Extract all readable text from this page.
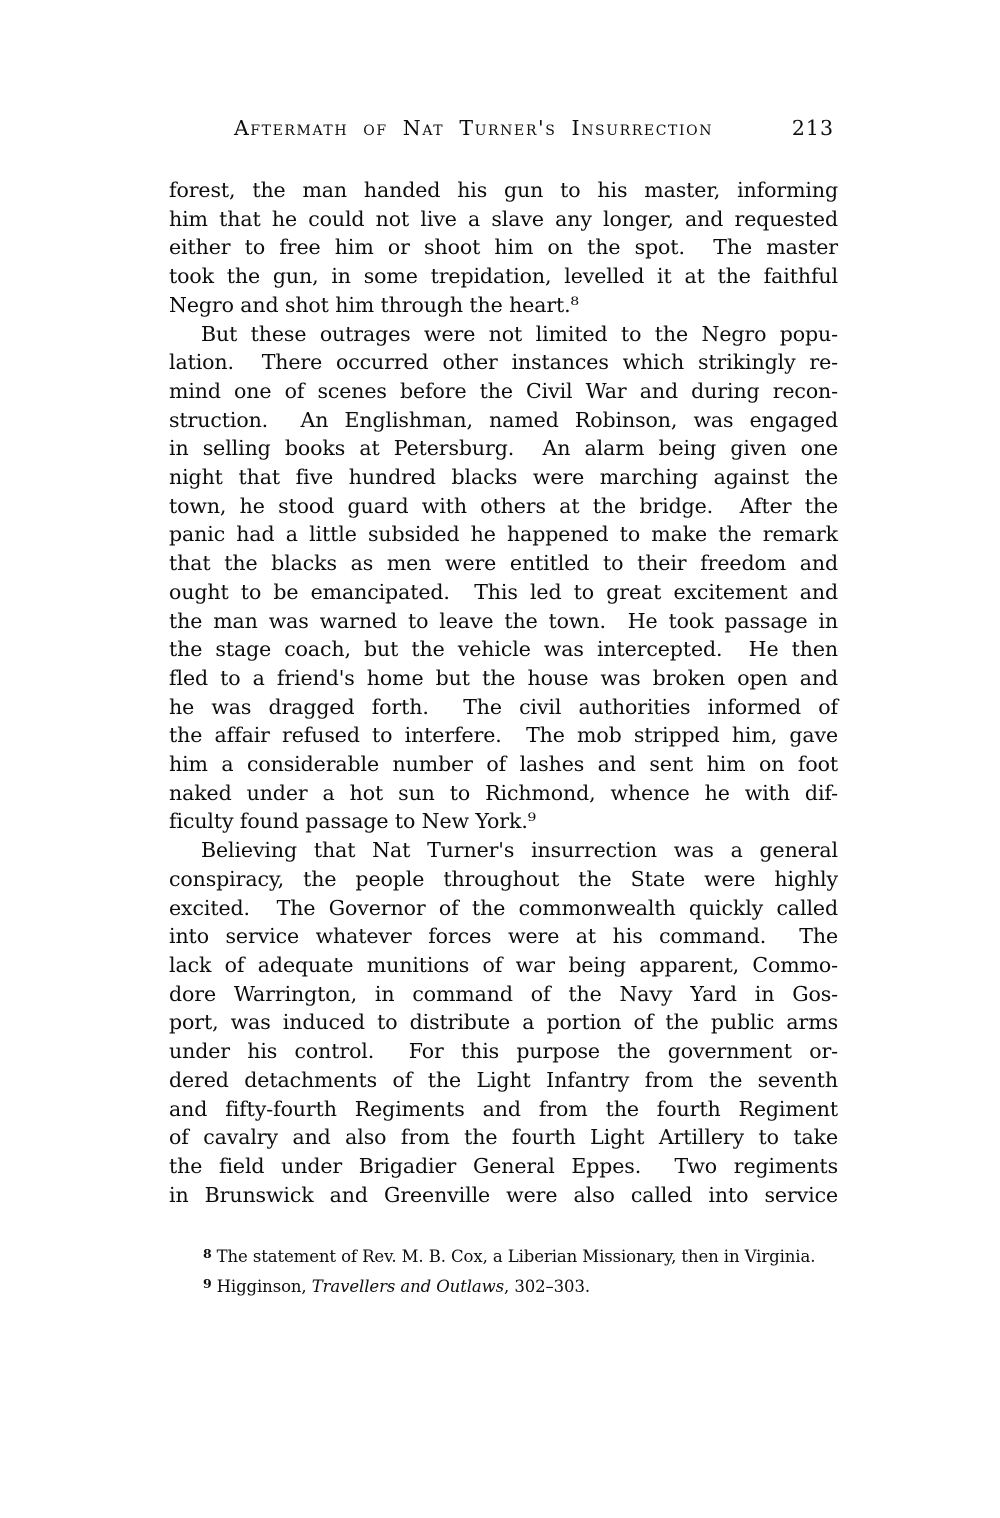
Aftermath of Nat Turner's Insurrection	213
forest, the man handed his gun to his master, informing
him that he could not live a slave any longer, and requested
either to free him or shoot him on the spot.  The master
took the gun, in some trepidation, levelled it at the faithful
Negro and shot him through the heart.⁸
But these outrages were not limited to the Negro popu-
lation.  There occurred other instances which strikingly re-
mind one of scenes before the Civil War and during recon-
struction.  An Englishman, named Robinson, was engaged
in selling books at Petersburg.  An alarm being given one
night that five hundred blacks were marching against the
town, he stood guard with others at the bridge.  After the
panic had a little subsided he happened to make the remark
that the blacks as men were entitled to their freedom and
ought to be emancipated.  This led to great excitement and
the man was warned to leave the town.  He took passage in
the stage coach, but the vehicle was intercepted.  He then
fled to a friend's home but the house was broken open and
he was dragged forth.  The civil authorities informed of
the affair refused to interfere.  The mob stripped him, gave
him a considerable number of lashes and sent him on foot
naked under a hot sun to Richmond, whence he with dif-
ficulty found passage to New York.⁹
Believing that Nat Turner's insurrection was a general
conspiracy, the people throughout the State were highly
excited.  The Governor of the commonwealth quickly called
into service whatever forces were at his command.  The
lack of adequate munitions of war being apparent, Commo-
dore Warrington, in command of the Navy Yard in Gos-
port, was induced to distribute a portion of the public arms
under his control.  For this purpose the government or-
dered detachments of the Light Infantry from the seventh
and fifty-fourth Regiments and from the fourth Regiment
of cavalry and also from the fourth Light Artillery to take
the field under Brigadier General Eppes.  Two regiments
in Brunswick and Greenville were also called into service
$^8$ The statement of Rev. M. B. Cox, a Liberian Missionary, then in Virginia.
$^9$ Higginson, Travellers and Outlaws, 302–303.
